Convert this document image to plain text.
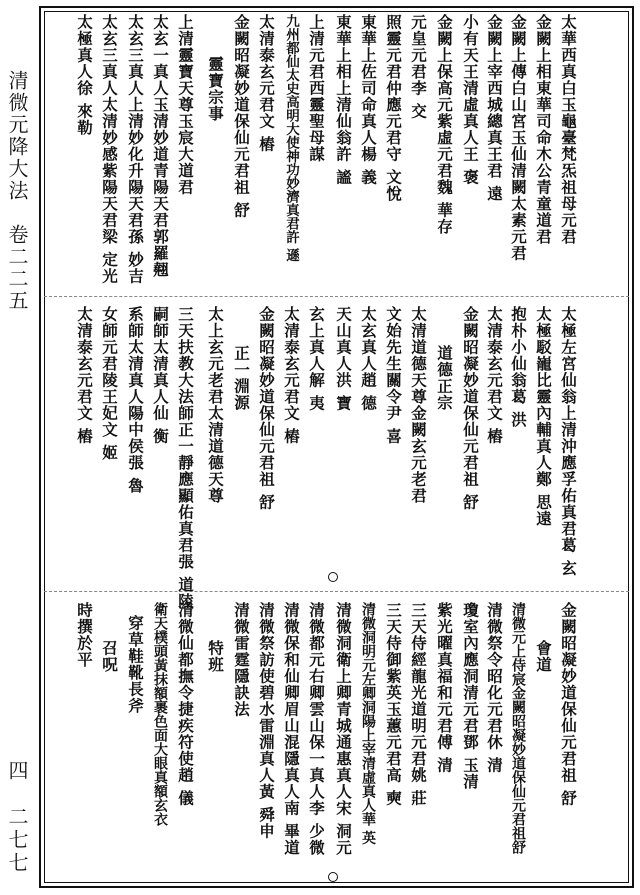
清微元降大法　卷二二五
四　二七七
太華西真白玉龜臺梵炁祖母元君
金闕上相東華司命木公青童道君
金闕上傳白山宮玉仙清闕太素元君
金闕上宰西城總真王君 遠
小有天王清虛真人王 褒
金闕上保高元紫虛元君魏 華存
元皇元君李 交
照靈元君仲應元君守 文悅
東華上佐司命真人楊 義
東華上相上清仙翁許 謐
上清元君西靈聖母謀
九州都仙太史高明大使神功妙濟真君許 遜
太清泰玄元君文 樁
金闕昭凝妙道保仙元君祖 舒
靈寶宗事
上清靈寶天尊玉宸大道君
太玄一真人玉清妙道青陽天君郭羅翹
太玄三真人上清妙化升陽天君孫 妙吉
太玄三真人太清妙感紫陽天君梁 定光
太極真人徐 來勒
太極左宮仙翁上清沖應孚佑真君葛 玄
太極駁巃比靈內輔真人鄭 思遠
抱朴小仙翁葛 洪
太清泰玄元君文 樁
金闕昭凝妙道保仙元君祖 舒
道德正宗
太清道德天尊金闕玄元老君
文始先生關令尹 喜
太玄真人趙 德
天山真人洪 寶
玄上真人解 夷
太清泰玄元君文 樁
金闕昭凝妙道保仙元君祖 舒
正一淵源
太上玄元老君太清道德天尊
三天扶教大法師正一靜應顯佑真君張 道陵
嗣師太清真人仙 衡
系師太清真人陽中侯張 魯
女師元君陵王妃文 姬
太清泰玄元君文 樁
金闕昭凝妙道保仙元君祖 舒
會道
清微元上侍宸金闕昭凝妙道保仙元君祖舒
清微祭令昭化元君休 清
瓊室內應洞清元君鄧 玉清
紫光曜真福和元君傅 清
三天侍經龍光道明元君姚 莊
三天侍御紫英玉蕙元君高 奭
清微洞明元左卿洞陽上宰清虛真人華 英
清微洞衛上卿青城通惠真人宋 洞元
清微都元右卿雲山保一真人李 少微
清微保和仙卿眉山混隱真人南 畢道
清微祭訪使碧水雷淵真人黃 舜申
清微雷霆隱訣法
特班
清微仙都撫令捷疾符使趙 儀
衛天樸頭黃抹額裹色面大眼真額玄衣
穿草鞋靴長斧
召呪
時撰於平
